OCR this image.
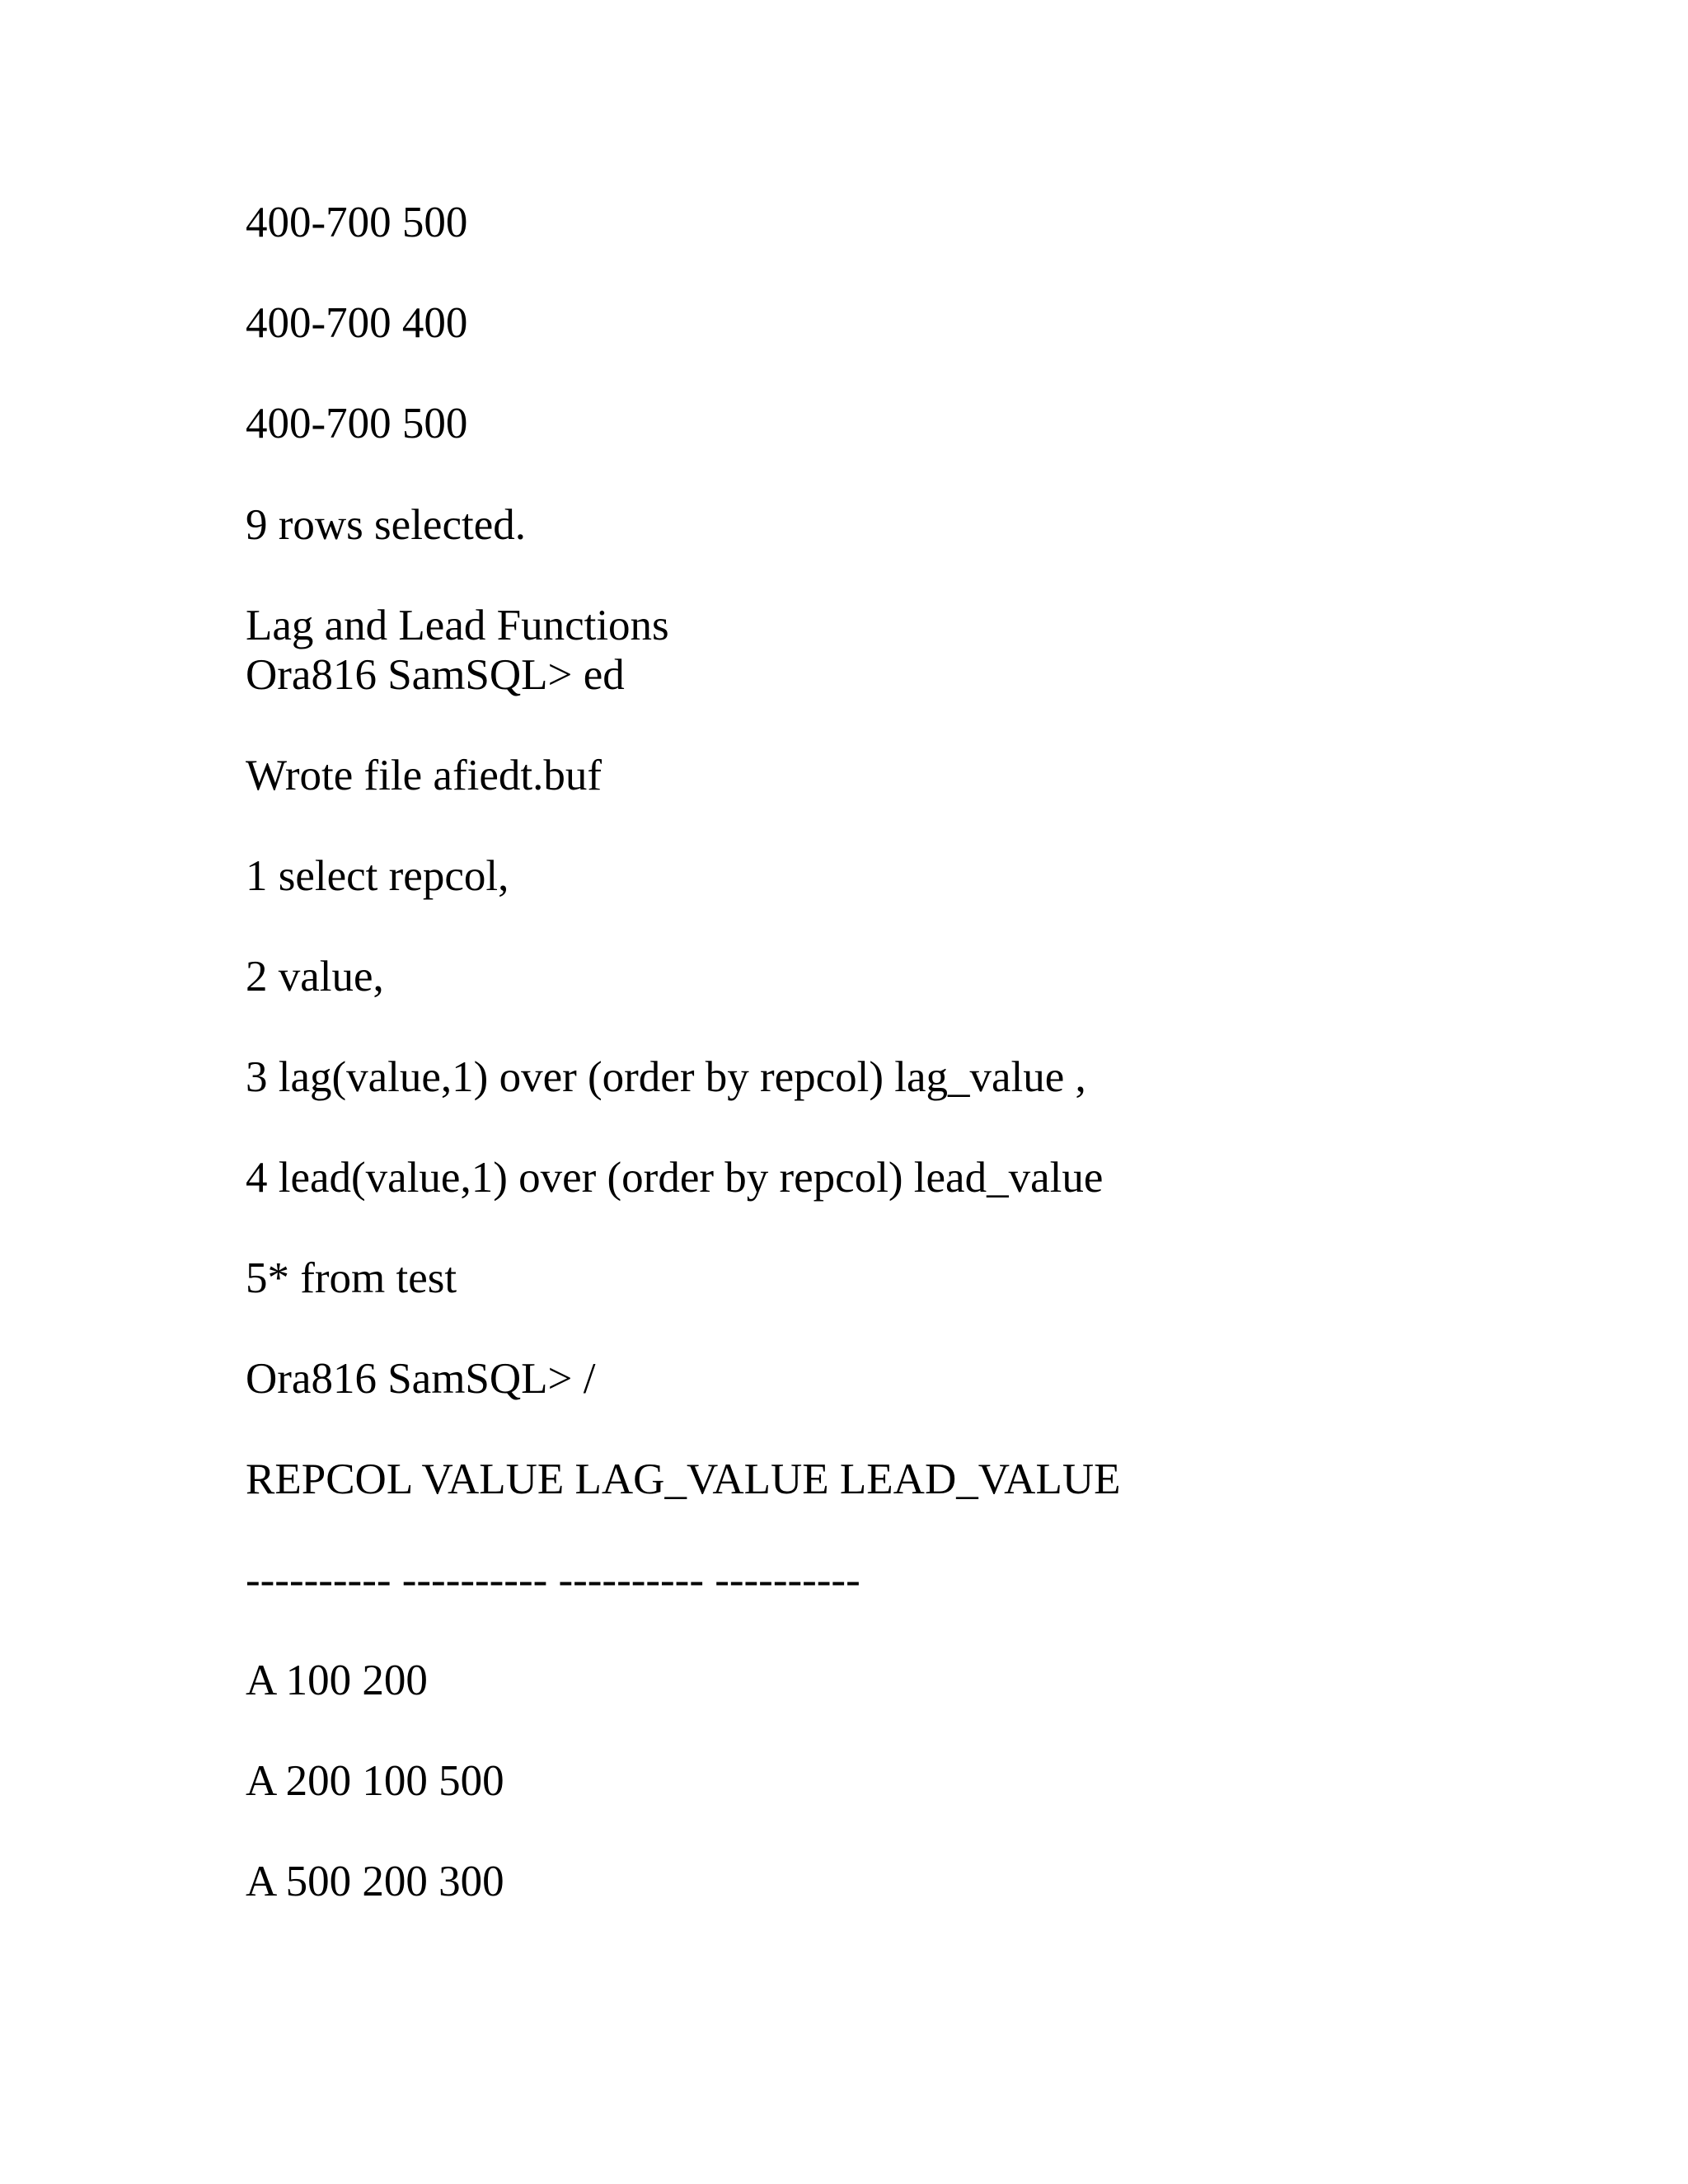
400-700 500

400-700 400

400-700 500

9 rows selected.

Lag and Lead Functions

Ora816 SamSQL> ed

Wrote file afiedt.buf

1 select repcol,

2 value,

3 lag(value,1) over (order by repcol) lag_value ,

4 lead(value,1) over (order by repcol) lead_value

5* from test

Ora816 SamSQL> /

REPCOL VALUE LAG_VALUE LEAD_VALUE

---------- ---------- ---------- ----------

A 100 200

A 200 100 500

A 500 200 300
